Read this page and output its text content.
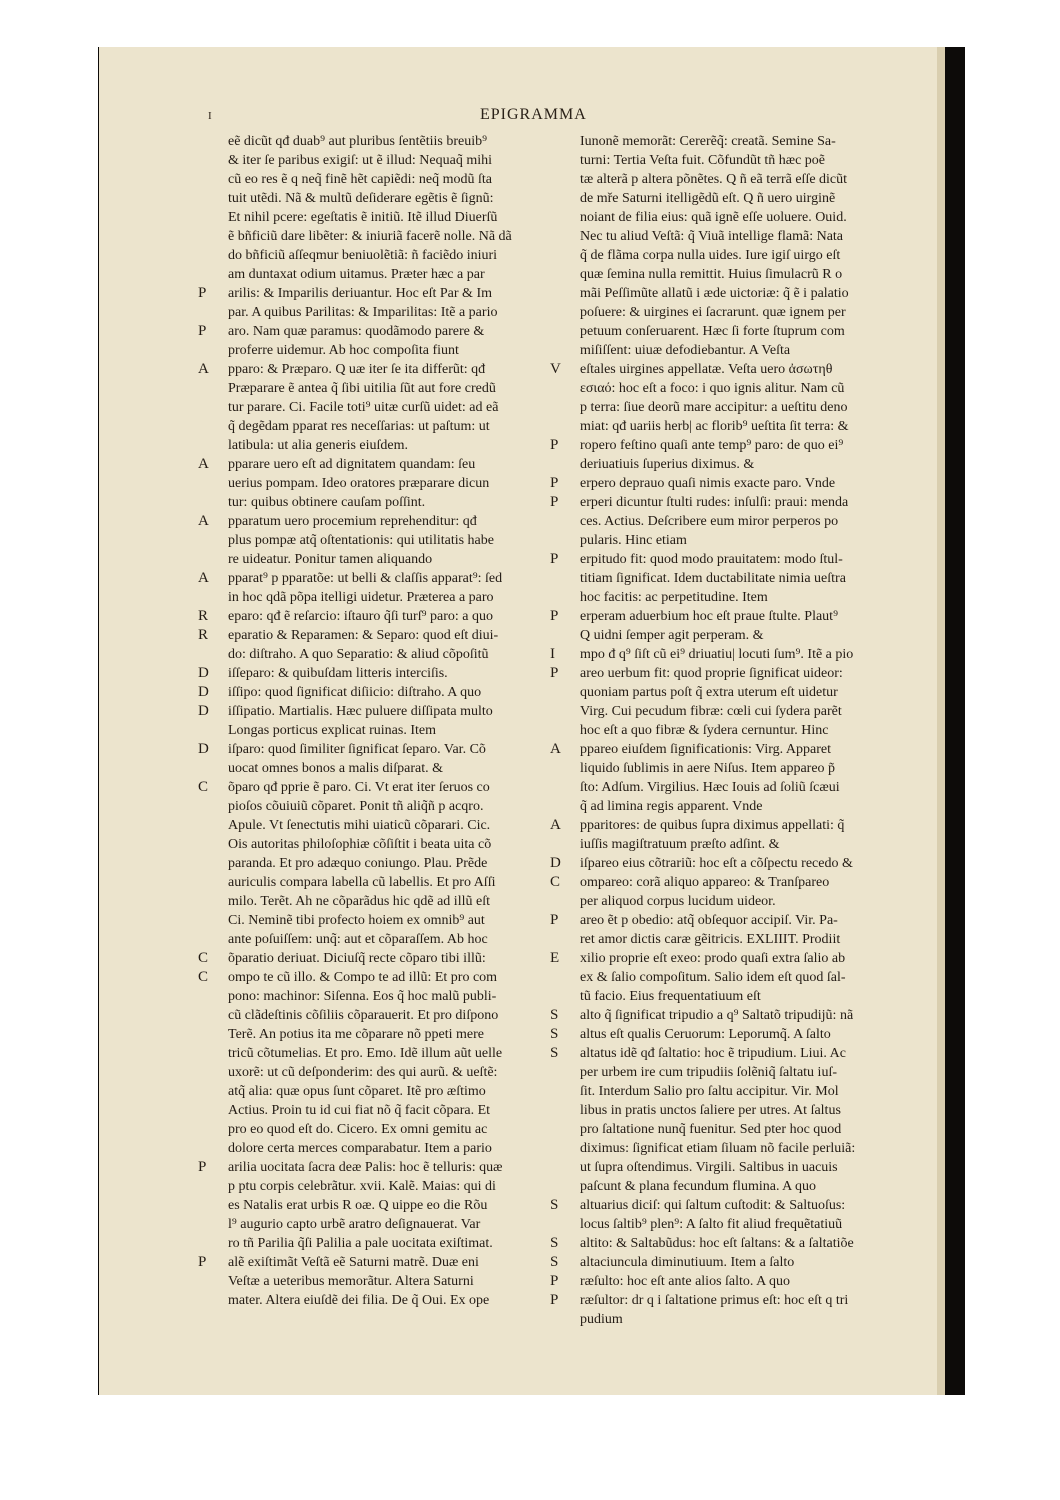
I	EPIGRAMMA
eẽ dicũt qđ duab⁹ aut pluribus ſentẽtiis breuib⁹
& iter ſe paribus exigiſ: ut ẽ illud: Nequaq̃ mihi
cũ eo res ẽ q neq̃ finẽ hẽt capiẽdi: neq̃ modũ ſta
tuit utẽdi. Nã & multũ deſiderare egẽtis ẽ ſignũ:
Et nihil pcere: egeſtatis ẽ initiũ. Itẽ illud Diuerſũ
ẽ bñficiũ dare libẽter: & iniuriã facerẽ nolle. Nã dã
do bñficiũ aſſeqmur beniuolẽtiã: ñ faciẽdo iniuri
am duntaxat odium uitamus. Præter hæc a par
P arilis: & Imparilis deriuantur. Hoc eſt Par & Im
par. A quibus Parilitas: & Imparilitas: Itẽ a pario
P aro. Nam quæ paramus: quodãmodo parere &
proferre uidemur. Ab hoc compoſita fiunt
A pparo: & Præparo. Q uæ iter ſe ita differũt: qđ
Præparare ẽ antea q̃ ſibi uitilia ſũt aut fore credũ
tur parare. Ci. Facile toti⁹ uitæ curſũ uidet: ad eã
q̃ degẽdam pparat res neceſſarias: ut paſtum: ut
latibula: ut alia generis eiuſdem.
A pparare uero eſt ad dignitatem quandam: ſeu
uerius pompam. Ideo oratores præparare dicun
tur: quibus obtinere cauſam poſſint.
A pparatum uero procemium reprehenditur: qđ
plus pompæ atq̃ oſtentationis: qui utilitatis habe
re uideatur. Ponitur tamen aliquando
A pparat⁹ p pparatõe: ut belli & claſſis apparat⁹: ſed
in hoc qdã põpa itelligi uidetur. Præterea a paro
R eparo: qđ ẽ reſarcio: iſtauro q̃ſi turſ⁹ paro: a quo
R eparatio & Reparamen: & Separo: quod eſt diui-
do: diſtraho. A quo Separatio: & aliud cõpoſitũ
D iſſeparo: & quibuſdam litteris interciſis.
D iſſipo: quod ſignificat diſiicio: diſtraho. A quo
D iſſipatio. Martialis. Hæc puluere diſſipata multo
Longas porticus explicat ruinas. Item
D iſparo: quod ſimiliter ſignificat ſeparo. Var. Cõ
uocat omnes bonos a malis diſparat. &
C õparo qđ pprie ẽ paro. Ci. Vt erat iter ſeruos co
pioſos cõuiuiũ cõparet. Ponit tñ aliq̃ñ p acqro.
Apule. Vt ſenectutis mihi uiaticũ cõparari. Cic.
Ois autoritas philoſophiæ cõſiſtit i beata uita cõ
paranda. Et pro adæquo coniungo. Plau. Prẽde
auriculis compara labella cũ labellis. Et pro Aſſi
milo. Terẽt. Ah ne cõparãdus hic qdẽ ad illũ eſt
Ci. Neminẽ tibi profecto hoiem ex omnib⁹ aut
ante poſuiſſem: unq̃: aut et cõparaſſem. Ab hoc
C õparatio deriuat. Diciuſq̃ recte cõparo tibi illũ:
C ompo te cũ illo. & Compo te ad illũ: Et pro com
pono: machinor: Siſenna. Eos q̃ hoc malũ publi-
cũ clãdeſtinis cõſiliis cõparauerit. Et pro diſpono
Terẽ. An potius ita me cõparare nõ ppeti mere
tricũ cõtumelias. Et pro. Emo. Idẽ illum aũt uelle
uxorẽ: ut cũ deſponderim: des qui aurũ. & ueſtẽ:
atq̃ alia: quæ opus ſunt cõparet. Itẽ pro æſtimo
Actius. Proin tu id cui fiat nõ q̃ facit cõpara. Et
pro eo quod eſt do. Cicero. Ex omni gemitu ac
dolore certa merces comparabatur. Item a pario
P arilia uocitata ſacra deæ Palis: hoc ẽ telluris: quæ
p ptu corpis celebrãtur. xvii. Kalẽ. Maias: qui di
es Natalis erat urbis R oæ. Q uippe eo die Rõu
l⁹ augurio capto urbẽ aratro deſignauerat. Var
ro tñ Parilia q̃ſi Palilia a pale uocitata exiſtimat.
P alẽ exiſtimãt Veſtã eẽ Saturni matrẽ. Duæ eni
Veſtæ a ueteribus memorãtur. Altera Saturni
mater. Altera eiuſdẽ dei filia. De q̃ Oui. Ex ope
Iunonẽ memorãt: Cererẽq̃: creatã. Semine Sa-
turni: Tertia Veſta fuit. Cõfundũt tñ hæc poẽ
tæ alterã p altera põnẽtes. Q ñ eã terrã eſſe dicũt
de mře Saturni itelligẽdũ eſt. Q ñ uero uirginẽ
noiant de filia eius: quã ignẽ eſſe uoluere. Ouid.
Nec tu aliud Veſtã: q̃ Viuã intellige flamã: Nata
q̃ de flãma corpa nulla uides. Iure igiſ uirgo eſt
quæ ſemina nulla remittit. Huius ſimulacrũ R o
mãi Peſſimũte allatũ i æde uictoriæ: q̃ ẽ i palatio
poſuere: & uirgines ei ſacrarunt. quæ ignem per
petuum conſeruarent. Hæc ſi forte ſtuprum com
miſiſſent: uiuæ defodiebantur. A Veſta
V eſtales uirgines appellatæ. Veſta uero ἀσωτηθ
εσιαό: hoc eſt a foco: i quo ignis alitur. Nam cũ
p terra: ſiue deorũ mare accipitur: a ueſtitu deno
miat: qđ uariis herb| ac florib⁹ ueſtita ſit terra: &
P ropero feſtino quaſi ante temp⁹ paro: de quo ei⁹
deriuatiuis ſuperius diximus. &
P erpero deprauo quaſi nimis exacte paro. Vnde
P erperi dicuntur ſtulti rudes: inſulſi: praui: menda
ces. Actius. Deſcribere eum miror perperos po
pularis. Hinc etiam
P erpitudo fit: quod modo prauitatem: modo ſtul-
titiam ſignificat. Idem ductabilitate nimia ueſtra
hoc facitis: ac perpetitudine. Item
P erperam aduerbium hoc eſt praue ſtulte. Plaut⁹
Q uidni ſemper agit perperam. &
I mpo đ q⁹ ſiſt cũ ei⁹ driuatiu| locuti ſum⁹. Itẽ a pio
P areo uerbum fit: quod proprie ſignificat uideor:
quoniam partus poſt q̃ extra uterum eſt uidetur
Virg. Cui pecudum fibræ: cœli cui ſydera parẽt
hoc eſt a quo fibræ & ſydera cernuntur. Hinc
A ppareo eiuſdem ſignificationis: Virg. Apparet
liquido ſublimis in aere Niſus. Item appareo p̃
ſto: Adſum. Virgilius. Hæc Iouis ad ſoliũ ſcæui
q̃ ad limina regis apparent. Vnde
A pparitores: de quibus ſupra diximus appellati: q̃
iuſſis magiſtratuum præſto adſint. &
D iſpareo eius cõtrariũ: hoc eſt a cõſpectu recedo &
C ompareo: corã aliquo appareo: & Tranſpareo
per aliquod corpus lucidum uideor.
P areo ẽt p obedio: atq̃ obſequor accipiſ. Vir. Pa-
ret amor dictis caræ gẽitricis. EXLIIIT. Prodiit
E xilio proprie eſt exeo: prodo quaſi extra ſalio ab
ex & ſalio compoſitum. Salio idem eſt quod ſal-
tũ facio. Eius frequentatiuum eſt
S alto q̃ ſignificat tripudio a q⁹ Saltatõ tripudijũ: nã
S altus eſt qualis Ceruorum: Leporumq̃. A ſalto
S altatus idẽ qđ ſaltatio: hoc ẽ tripudium. Liui. Ac
per urbem ire cum tripudiis ſolẽniq̃ ſaltatu iuſ-
ſit. Interdum Salio pro ſaltu accipitur. Vir. Mol
libus in pratis unctos ſaliere per utres. At ſaltus
pro ſaltatione nunq̃ fuenitur. Sed pter hoc quod
diximus: ſignificat etiam ſiluam nõ facile perluiã:
ut ſupra oſtendimus. Virgili. Saltibus in uacuis
paſcunt & plana fecundum flumina. A quo
S altuarius diciſ: qui ſaltum cuſtodit: & Saltuoſus:
locus ſaltib⁹ plen⁹: A ſalto fit aliud frequẽtatiuũ
S altito: & Saltabũdus: hoc eſt ſaltans: & a ſaltatiõe
S altaciuncula diminutiuum. Item a ſalto
P ræſulto: hoc eſt ante alios ſalto. A quo
P ræſultor: dr q i ſaltatione primus eſt: hoc eſt q tri
pudium
